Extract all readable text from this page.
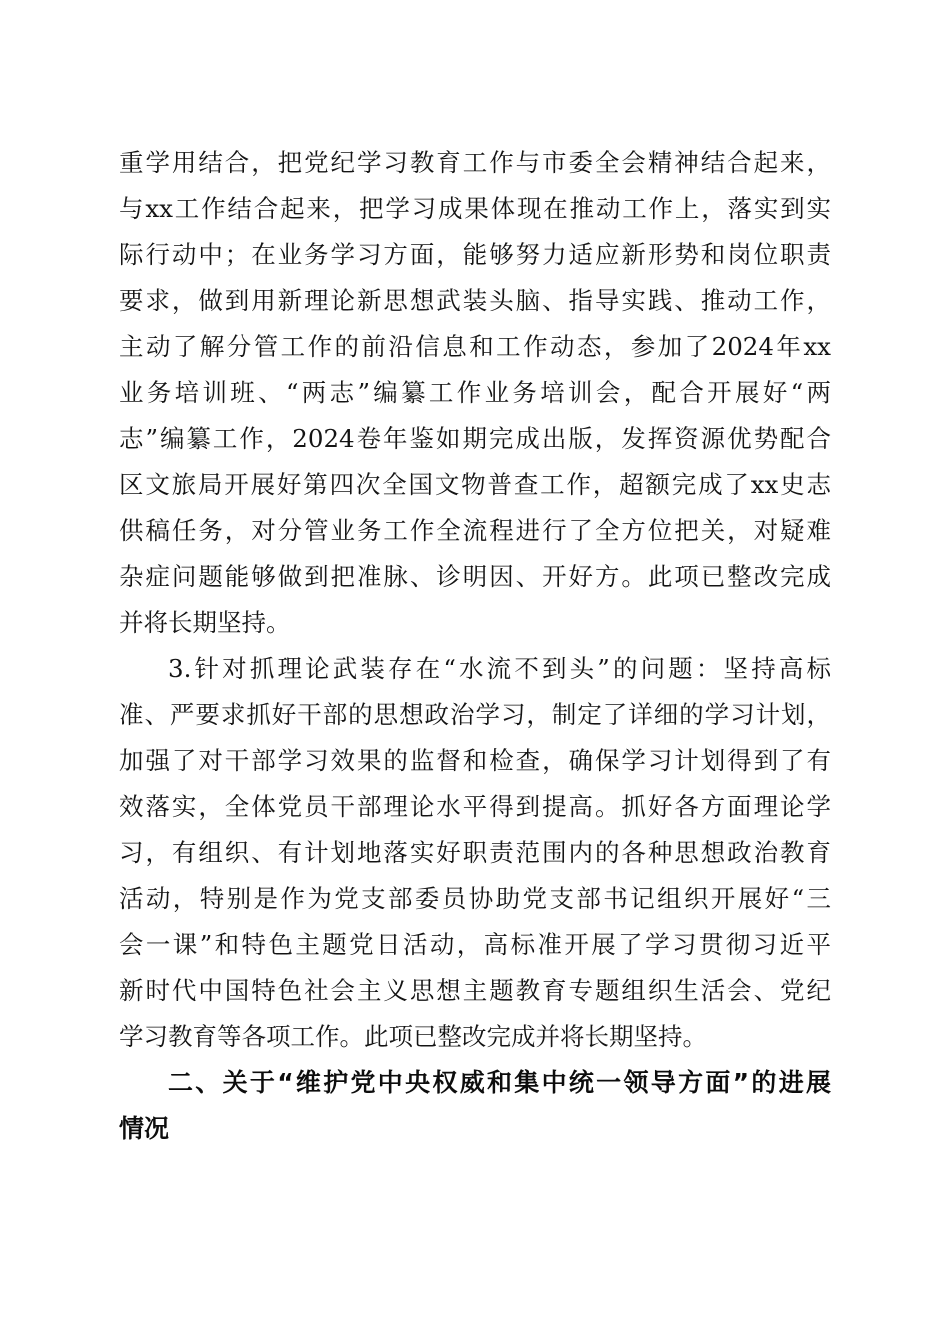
重学用结合，把党纪学习教育工作与市委全会精神结合起来，
与xx工作结合起来，把学习成果体现在推动工作上，落实到实
际行动中；在业务学习方面，能够努力适应新形势和岗位职责
要求，做到用新理论新思想武装头脑、指导实践、推动工作，
主动了解分管工作的前沿信息和工作动态，参加了2024年xx
业务培训班、“两志”编纂工作业务培训会，配合开展好“两
志”编纂工作，2024卷年鉴如期完成出版，发挥资源优势配合
区文旅局开展好第四次全国文物普查工作，超额完成了xx史志
供稿任务，对分管业务工作全流程进行了全方位把关，对疑难
杂症问题能够做到把准脉、诊明因、开好方。此项已整改完成
并将长期坚持。
3.针对抓理论武装存在“水流不到头”的问题：坚持高标
准、严要求抓好干部的思想政治学习，制定了详细的学习计划，
加强了对干部学习效果的监督和检查，确保学习计划得到了有
效落实，全体党员干部理论水平得到提高。抓好各方面理论学
习，有组织、有计划地落实好职责范围内的各种思想政治教育
活动，特别是作为党支部委员协助党支部书记组织开展好“三
会一课”和特色主题党日活动，高标准开展了学习贯彻习近平
新时代中国特色社会主义思想主题教育专题组织生活会、党纪
学习教育等各项工作。此项已整改完成并将长期坚持。
二、关于“维护党中央权威和集中统一领导方面”的进展
情况
